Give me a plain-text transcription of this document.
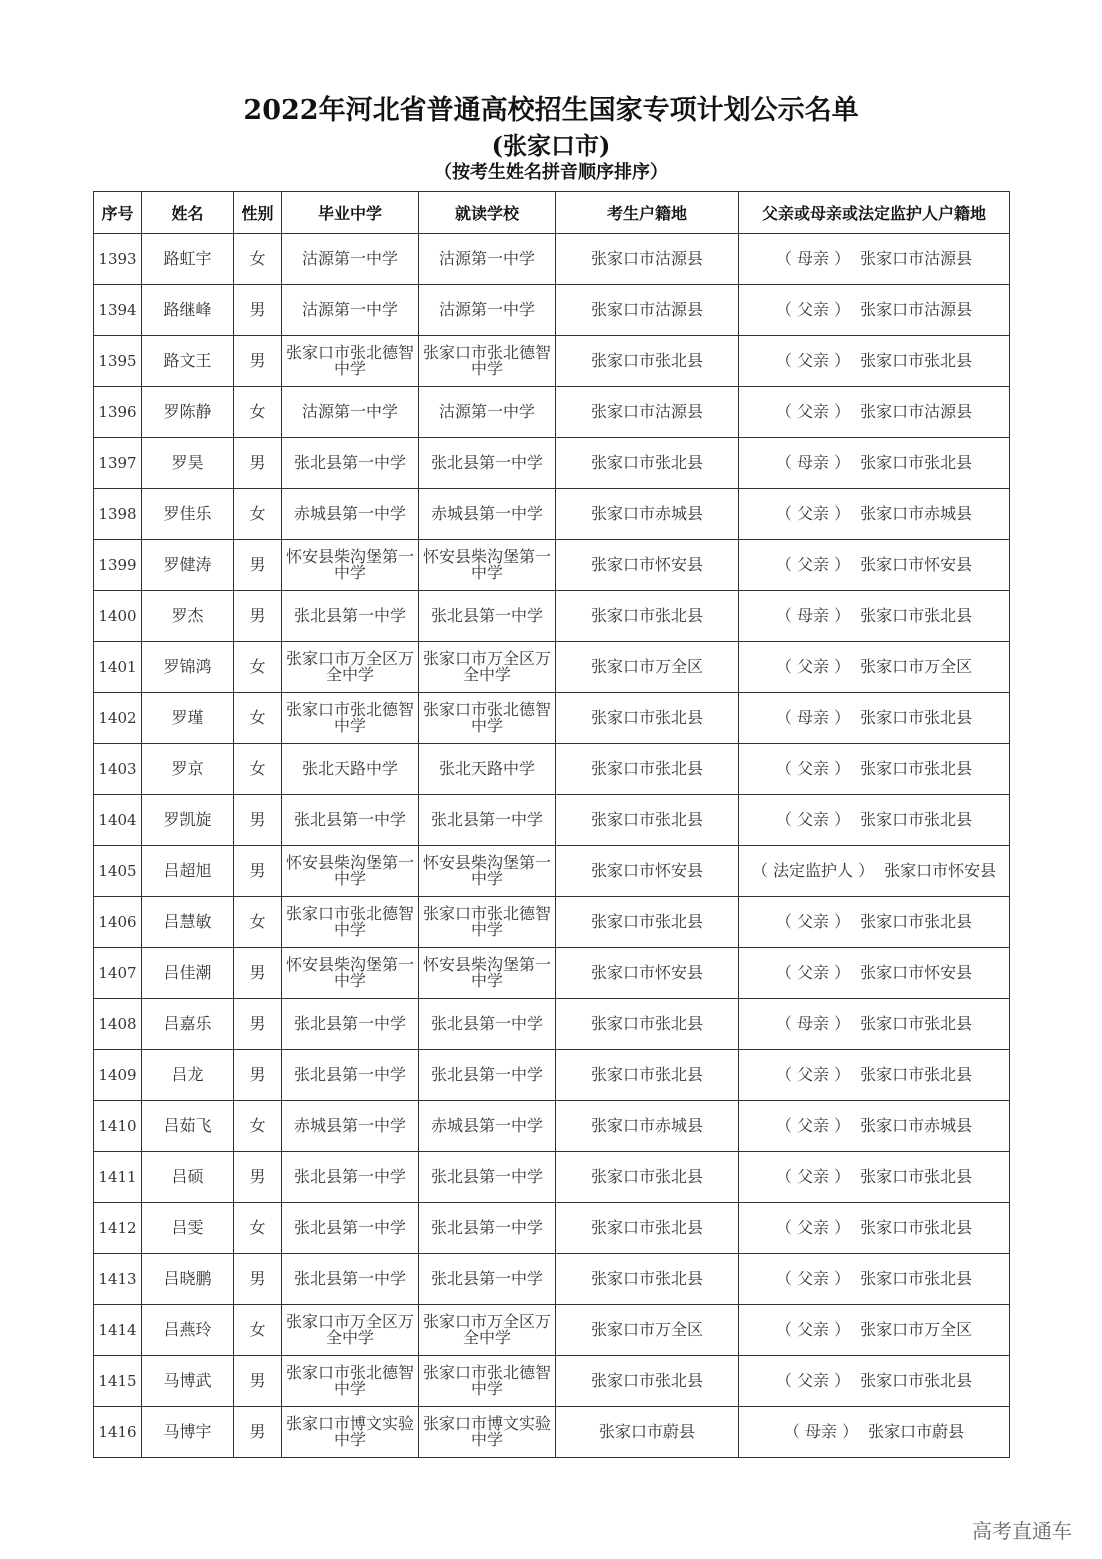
2022年河北省普通高校招生国家专项计划公示名单
(张家口市)
（按考生姓名拼音顺序排序）
序号	姓名	性别	毕业中学	就读学校	考生户籍地	父亲或母亲或法定监护人户籍地
1393	路虹宇	女	沽源第一中学	沽源第一中学	张家口市沽源县	（ 母亲 ） 张家口市沽源县
1394	路继峰	男	沽源第一中学	沽源第一中学	张家口市沽源县	（ 父亲 ） 张家口市沽源县
1395	路文王	男	张家口市张北德智中学	张家口市张北德智中学	张家口市张北县	（ 父亲 ） 张家口市张北县
1396	罗陈静	女	沽源第一中学	沽源第一中学	张家口市沽源县	（ 父亲 ） 张家口市沽源县
1397	罗昊	男	张北县第一中学	张北县第一中学	张家口市张北县	（ 母亲 ） 张家口市张北县
1398	罗佳乐	女	赤城县第一中学	赤城县第一中学	张家口市赤城县	（ 父亲 ） 张家口市赤城县
1399	罗健涛	男	怀安县柴沟堡第一中学	怀安县柴沟堡第一中学	张家口市怀安县	（ 父亲 ） 张家口市怀安县
1400	罗杰	男	张北县第一中学	张北县第一中学	张家口市张北县	（ 母亲 ） 张家口市张北县
1401	罗锦鸿	女	张家口市万全区万全中学	张家口市万全区万全中学	张家口市万全区	（ 父亲 ） 张家口市万全区
1402	罗瑾	女	张家口市张北德智中学	张家口市张北德智中学	张家口市张北县	（ 母亲 ） 张家口市张北县
1403	罗京	女	张北天路中学	张北天路中学	张家口市张北县	（ 父亲 ） 张家口市张北县
1404	罗凯旋	男	张北县第一中学	张北县第一中学	张家口市张北县	（ 父亲 ） 张家口市张北县
1405	吕超旭	男	怀安县柴沟堡第一中学	怀安县柴沟堡第一中学	张家口市怀安县	（ 法定监护人 ） 张家口市怀安县
1406	吕慧敏	女	张家口市张北德智中学	张家口市张北德智中学	张家口市张北县	（ 父亲 ） 张家口市张北县
1407	吕佳潮	男	怀安县柴沟堡第一中学	怀安县柴沟堡第一中学	张家口市怀安县	（ 父亲 ） 张家口市怀安县
1408	吕嘉乐	男	张北县第一中学	张北县第一中学	张家口市张北县	（ 母亲 ） 张家口市张北县
1409	吕龙	男	张北县第一中学	张北县第一中学	张家口市张北县	（ 父亲 ） 张家口市张北县
1410	吕茹飞	女	赤城县第一中学	赤城县第一中学	张家口市赤城县	（ 父亲 ） 张家口市赤城县
1411	吕硕	男	张北县第一中学	张北县第一中学	张家口市张北县	（ 父亲 ） 张家口市张北县
1412	吕雯	女	张北县第一中学	张北县第一中学	张家口市张北县	（ 父亲 ） 张家口市张北县
1413	吕晓鹏	男	张北县第一中学	张北县第一中学	张家口市张北县	（ 父亲 ） 张家口市张北县
1414	吕燕玲	女	张家口市万全区万全中学	张家口市万全区万全中学	张家口市万全区	（ 父亲 ） 张家口市万全区
1415	马博武	男	张家口市张北德智中学	张家口市张北德智中学	张家口市张北县	（ 父亲 ） 张家口市张北县
1416	马博宇	男	张家口市博文实验中学	张家口市博文实验中学	张家口市蔚县	（ 母亲 ） 张家口市蔚县
高考直通车
